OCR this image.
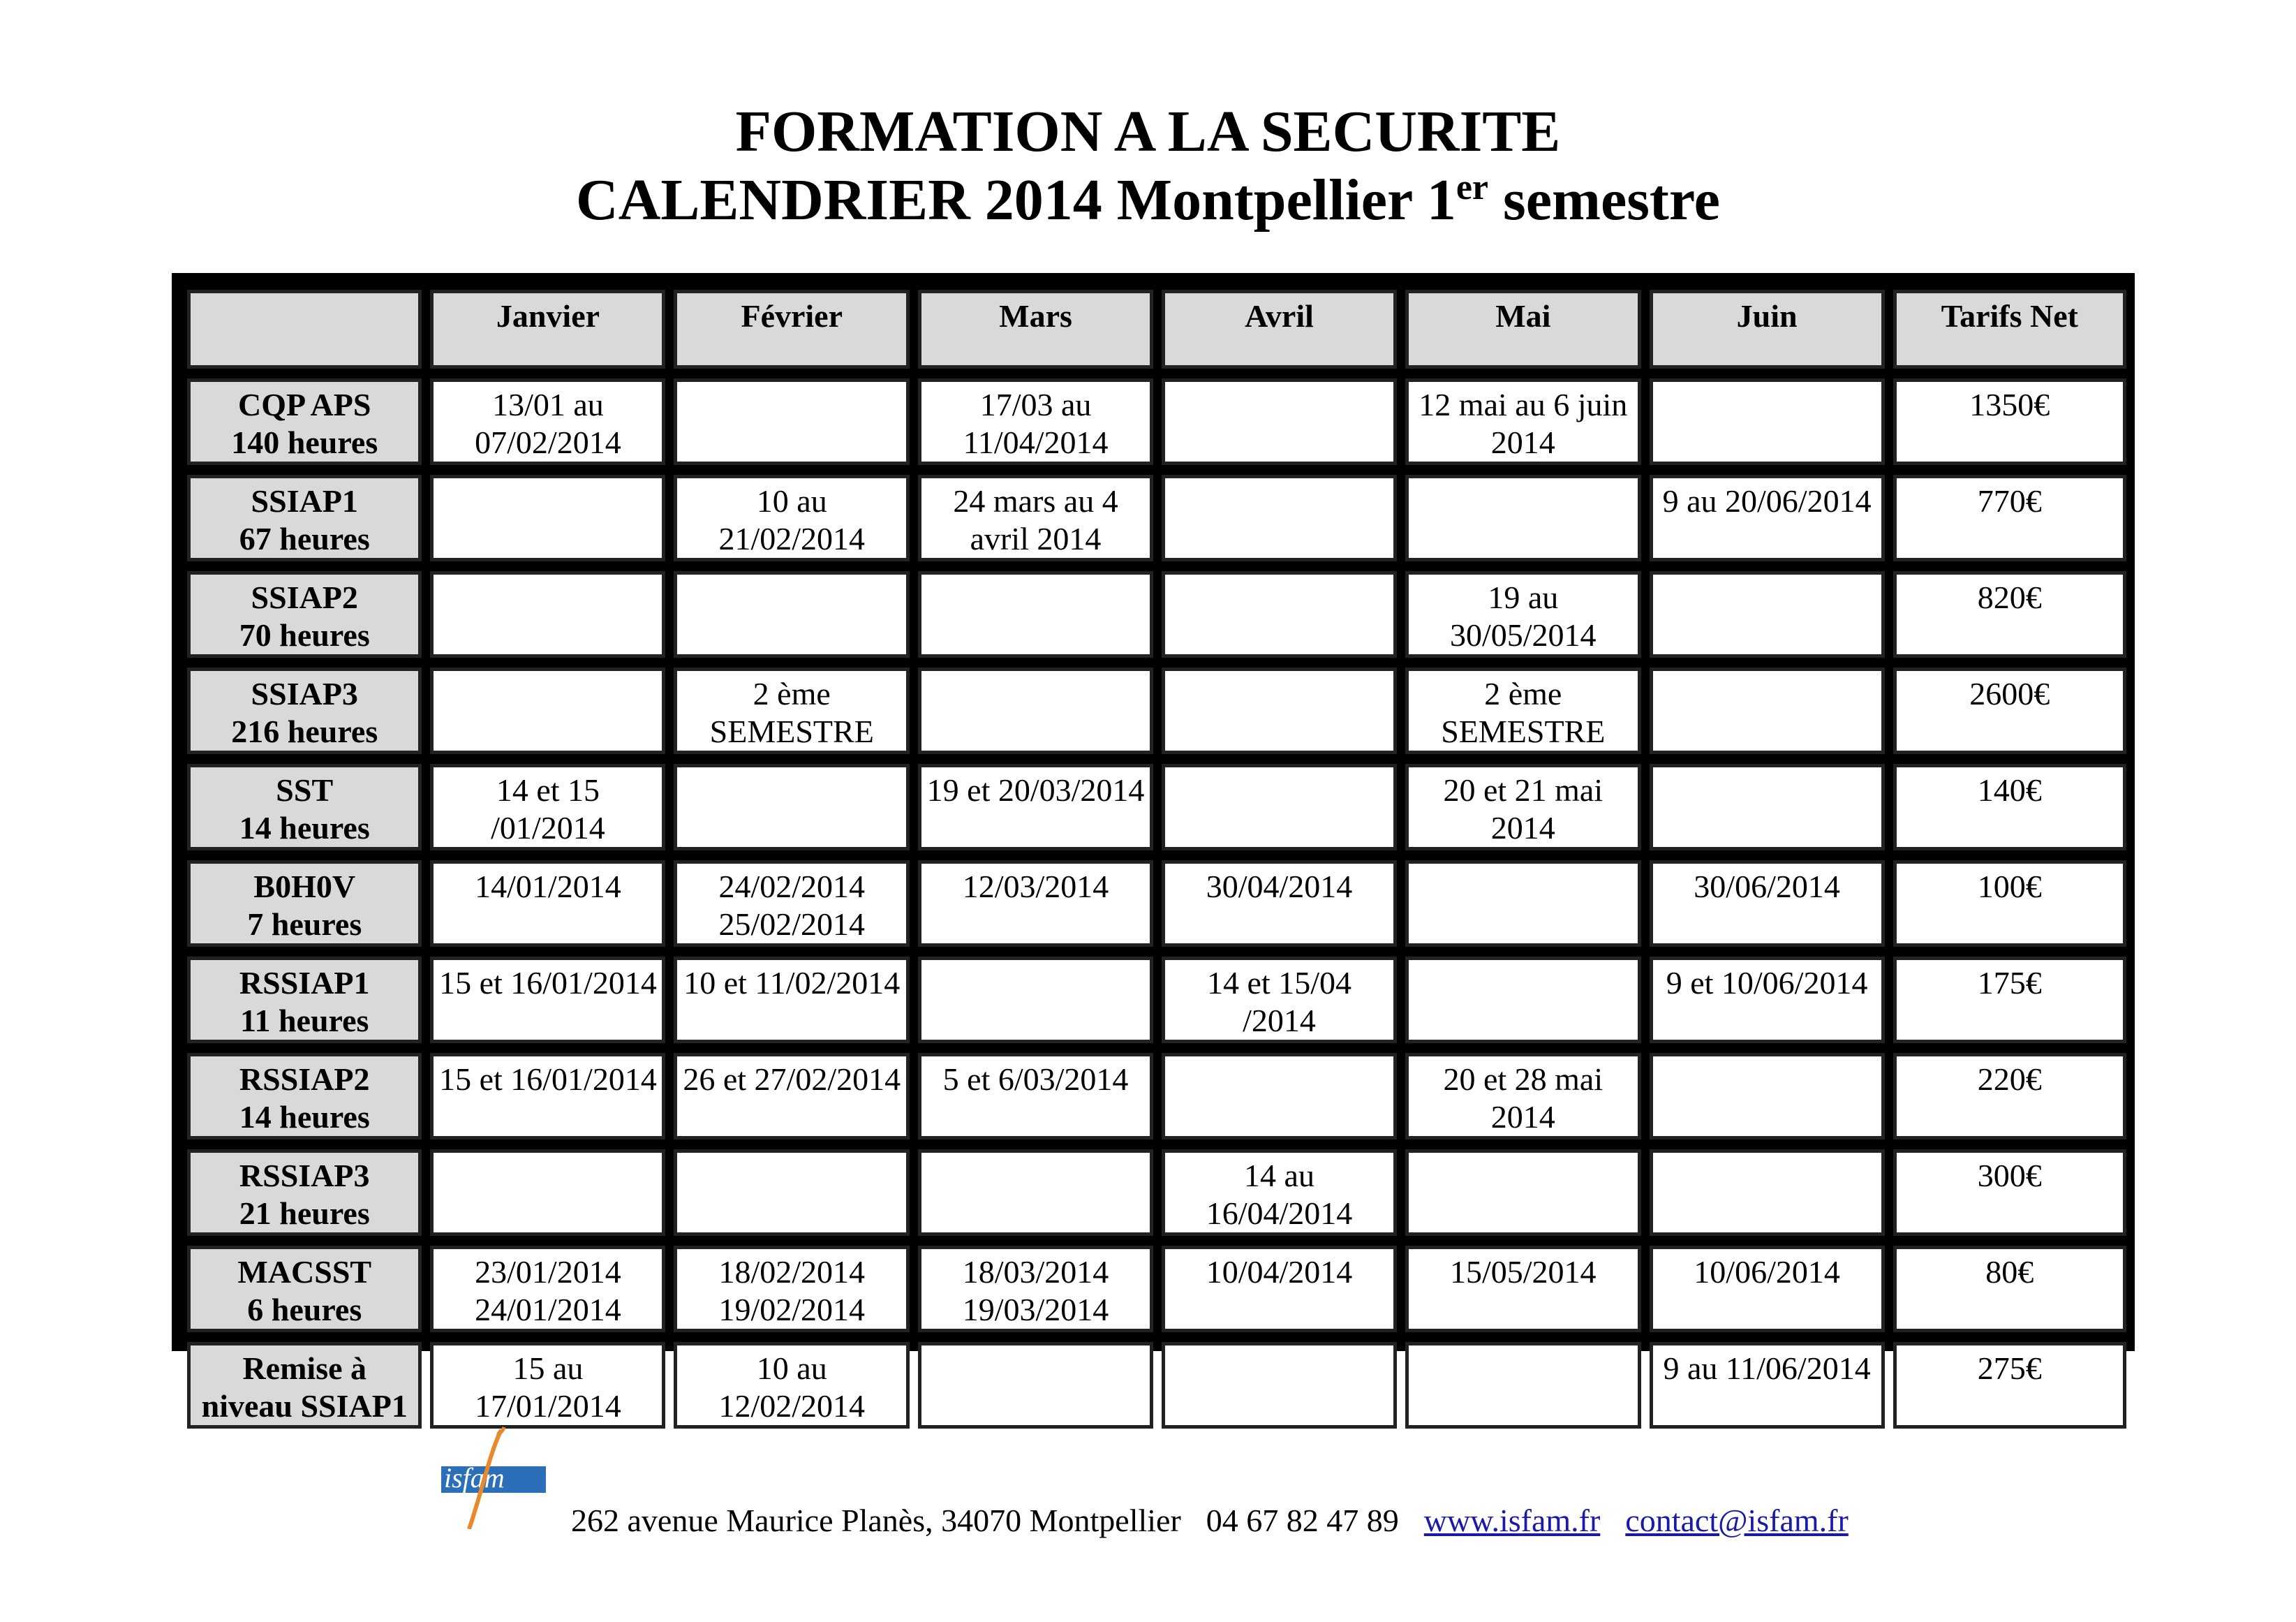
FORMATION A LA SECURITE
CALENDRIER 2014 Montpellier 1er semestre
	Janvier	Février	Mars	Avril	Mai	Juin	Tarifs Net

CQP APS
140 heures	13/01 au 07/02/2014		17/03 au 11/04/2014		12 mai au 6 juin 2014		1350€

SSIAP1
67 heures		10 au 21/02/2014	24 mars au 4 avril 2014			9 au 20/06/2014	770€

SSIAP2
70 heures					19 au 30/05/2014		820€

SSIAP3
216 heures		2 ème SEMESTRE			2 ème SEMESTRE		2600€

SST
14 heures	14 et 15 /01/2014		19 et 20/03/2014		20 et 21 mai 2014		140€

B0H0V
7 heures	14/01/2014	24/02/2014 25/02/2014	12/03/2014	30/04/2014		30/06/2014	100€

RSSIAP1
11 heures	15 et 16/01/2014	10 et 11/02/2014		14 et 15/04 /2014		9 et 10/06/2014	175€

RSSIAP2
14 heures	15 et 16/01/2014	26 et 27/02/2014	5 et 6/03/2014		20 et 28 mai 2014		220€

RSSIAP3
21 heures				14 au 16/04/2014			300€

MACSST
6 heures	23/01/2014 24/01/2014	18/02/2014 19/02/2014	18/03/2014 19/03/2014	10/04/2014	15/05/2014	10/06/2014	80€

Remise à
niveau SSIAP1	15 au 17/01/2014	10 au 12/02/2014				9 au 11/06/2014	275€
isfam
262 avenue Maurice Planès, 34070 Montpellier 04 67 82 47 89 www.isfam.fr contact@isfam.fr
